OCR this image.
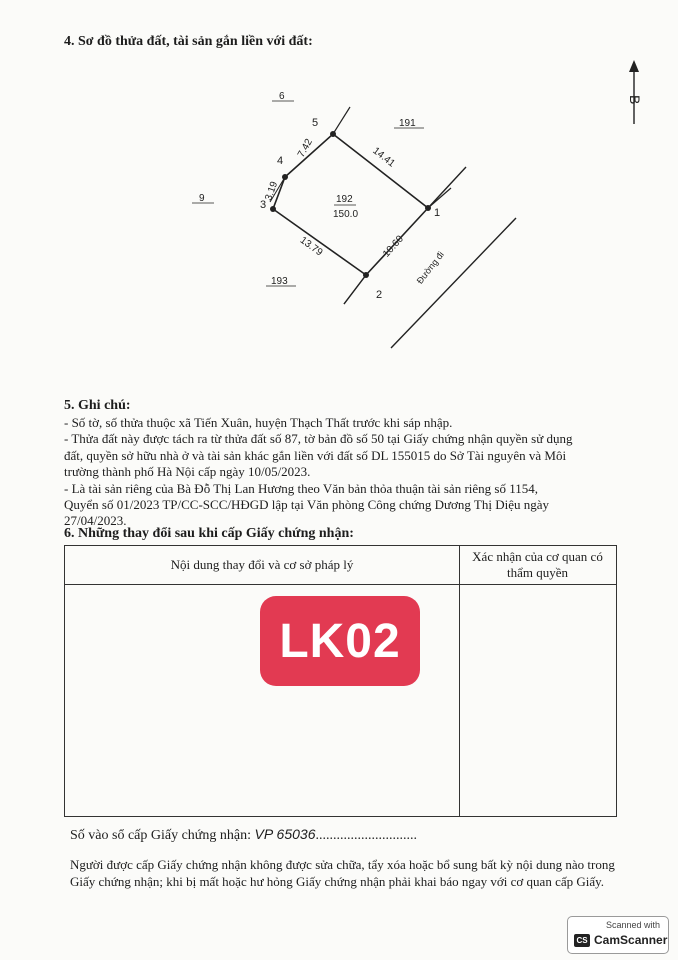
4. Sơ đồ thửa đất, tài sản gắn liền với đất:
B
1
2
3
4
5
7.42
3.19
14.41
13.79	10.60
192
150.0
6
191
9
193	Đường đi
5. Ghi chú:

- Số tờ, số thửa thuộc xã Tiến Xuân, huyện Thạch Thất trước khi sáp nhập.

- Thửa đất này được tách ra từ thửa đất số 87, tờ bản đồ số 50 tại Giấy chứng nhận quyền sử dụng

đất, quyền sở hữu nhà ở và tài sản khác gắn liền với đất số DL 155015 do Sở Tài nguyên và Môi

trường thành phố Hà Nội cấp ngày 10/05/2023.

- Là tài sản riêng của Bà Đỗ Thị Lan Hương theo Văn bản thỏa thuận tài sản riêng số 1154,

Quyển số 01/2023 TP/CC-SCC/HĐGD lập tại Văn phòng Công chứng Dương Thị Diệu ngày

27/04/2023.

6. Những thay đổi sau khi cấp Giấy chứng nhận:
Nội dung thay đổi và cơ sở pháp lý
Xác nhận của cơ quan có thẩm quyền
LK02
Số vào sổ cấp Giấy chứng nhận: VP 65036.............................
Người được cấp Giấy chứng nhận không được sửa chữa, tẩy xóa hoặc bổ sung bất kỳ nội dung nào trong
Giấy chứng nhận; khi bị mất hoặc hư hỏng Giấy chứng nhận phải khai báo ngay với cơ quan cấp Giấy.
Scanned with
CS CamScanner
